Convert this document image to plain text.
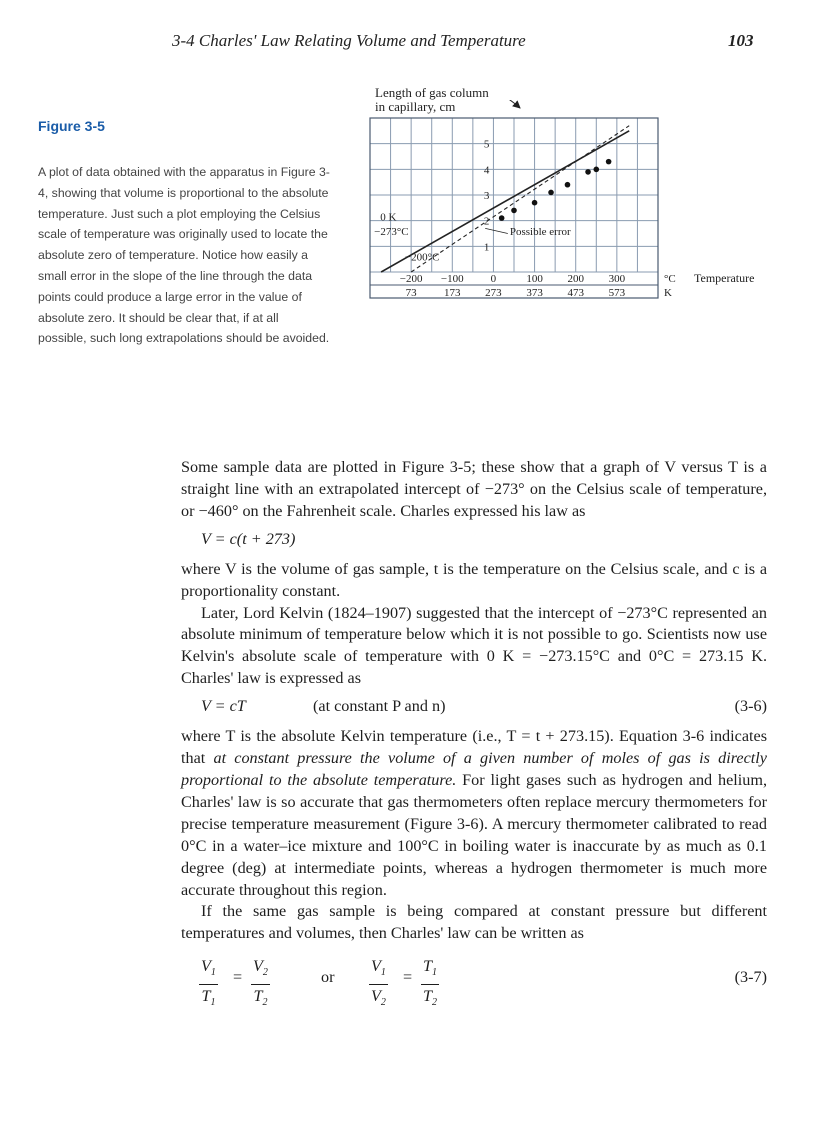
3-4 Charles' Law Relating Volume and Temperature	103
Figure 3-5

A plot of data obtained with the apparatus in Figure 3-4, showing that volume is proportional to the absolute temperature. Just such a plot employing the Celsius scale of temperature was originally used to locate the absolute zero of temperature. Notice how easily a small error in the slope of the line through the data points could produce a large error in the value of absolute zero. It should be clear that, if at all possible, such long extrapolations should be avoided.

Length of gas column
in capillary, cm
1
2
3
4
5
−200 −100 0	100 200 300
73 173 273 373 473 573
°C Temperature
K
0 K
−273°C	Possible error
−200°C

Some sample data are plotted in Figure 3-5; these show that a graph of V versus T is a straight line with an extrapolated intercept of −273° on the Celsius scale of temperature, or −460° on the Fahrenheit scale. Charles expressed his law as

V = c(t + 273)

where V is the volume of gas sample, t is the temperature on the Celsius scale, and c is a proportionality constant.

Later, Lord Kelvin (1824–1907) suggested that the intercept of −273°C represented an absolute minimum of temperature below which it is not possible to go. Scientists now use Kelvin's absolute scale of temperature with 0 K = −273.15°C and 0°C = 273.15 K. Charles' law is expressed as

V = cT	(at constant P and n)	(3-6)

where T is the absolute Kelvin temperature (i.e., T = t + 273.15). Equation 3-6 indicates that at constant pressure the volume of a given number of moles of gas is directly proportional to the absolute temperature. For light gases such as hydrogen and helium, Charles' law is so accurate that gas thermometers often replace mercury thermometers for precise temperature measurement (Figure 3-6). A mercury thermometer calibrated to read 0°C in a water–ice mixture and 100°C in boiling water is inaccurate by as much as 0.1 degree (deg) at intermediate points, whereas a hydrogen thermometer is much more accurate throughout this region.

If the same gas sample is being compared at constant pressure but different temperatures and volumes, then Charles' law can be written as

$\frac{V_1}{T_1} = \frac{V_2}{T_2}$	or $\frac{V_1}{V_2} = \frac{T_1}{T_2}$	(3-7)
